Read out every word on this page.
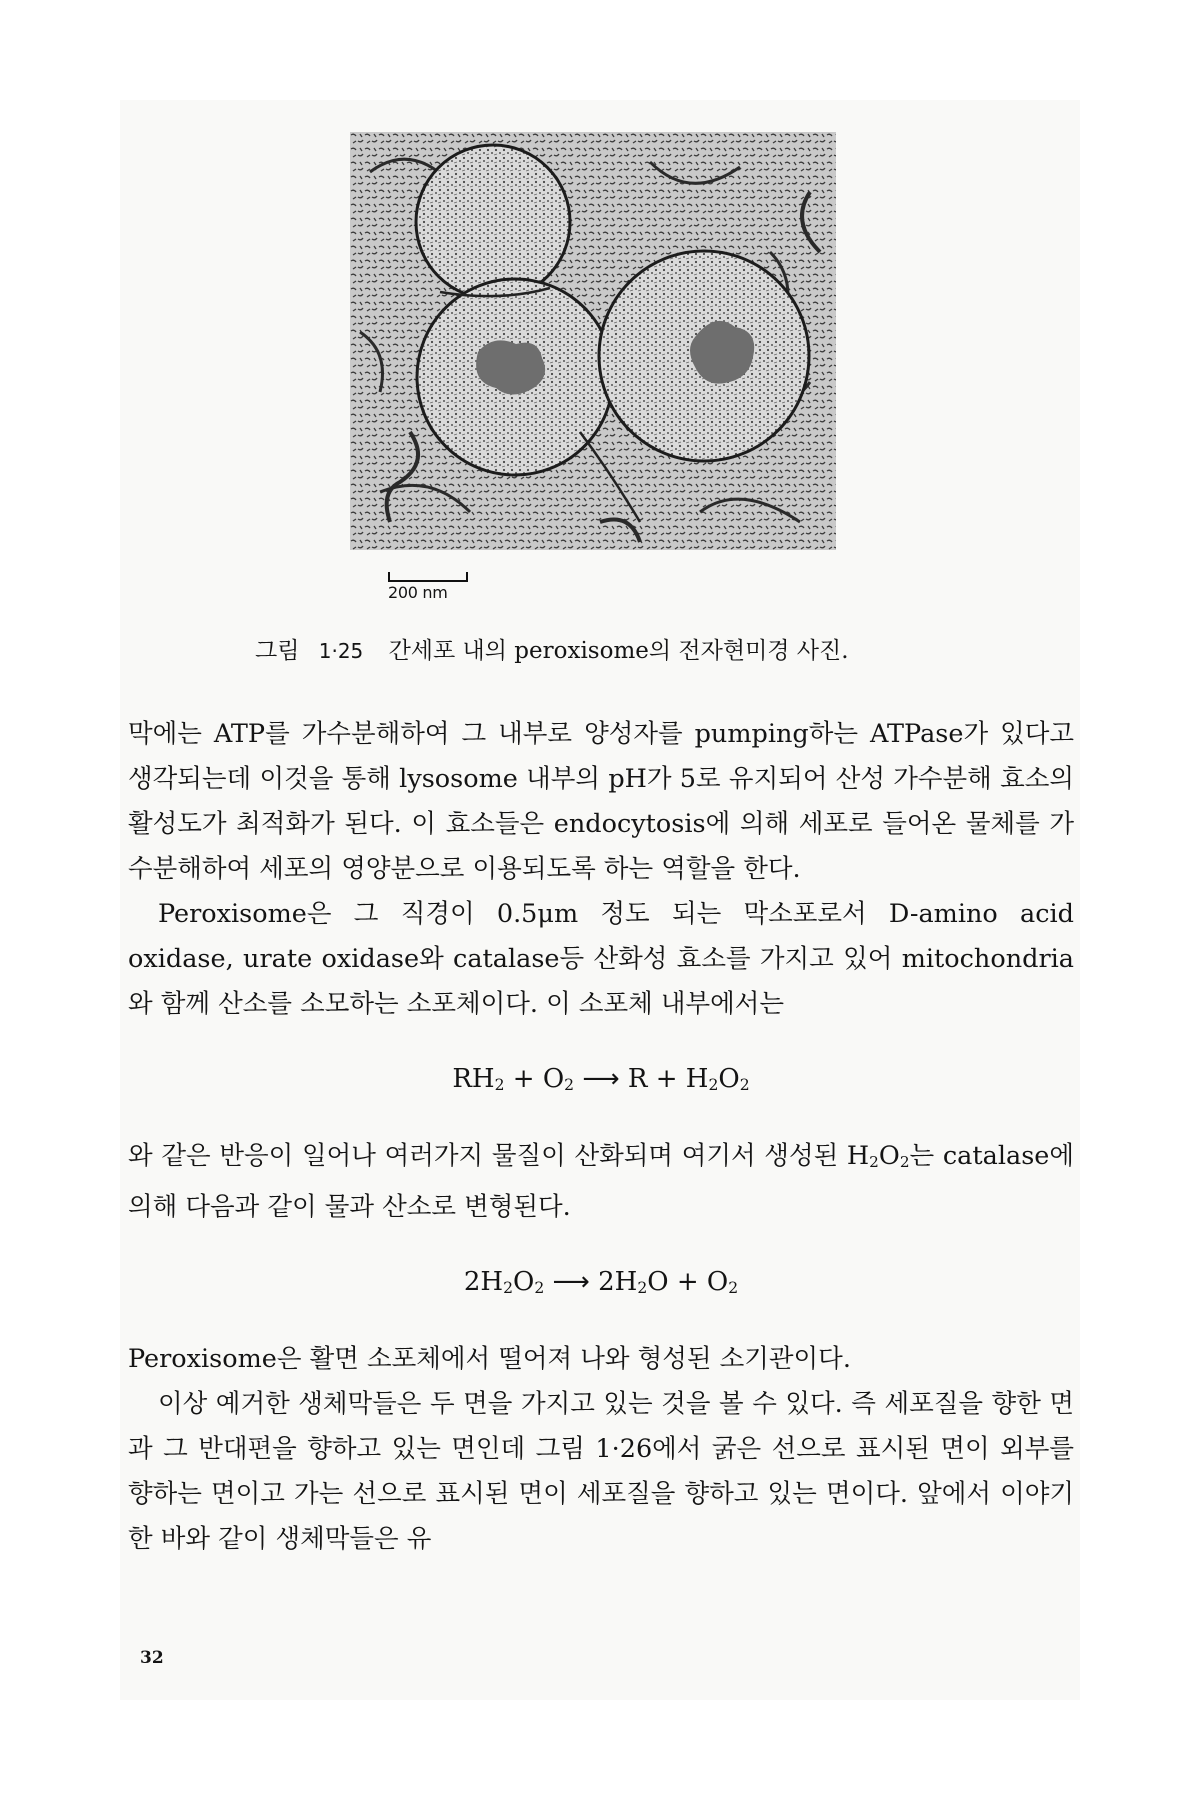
200 nm
그림 1·25 간세포 내의 peroxisome의 전자현미경 사진.

막에는 ATP를 가수분해하여 그 내부로 양성자를 pumping하는 ATPase가 있다고 생각되는데 이것을 통해 lysosome 내부의 pH가 5로 유지되어 산성 가수분해 효소의 활성도가 최적화가 된다. 이 효소들은 endocytosis에 의해 세포로 들어온 물체를 가수분해하여 세포의 영양분으로 이용되도록 하는 역할을 한다.

Peroxisome은 그 직경이 0.5μm 정도 되는 막소포로서 D-amino acid oxidase, urate oxidase와 catalase등 산화성 효소를 가지고 있어 mitochondria와 함께 산소를 소모하는 소포체이다. 이 소포체 내부에서는

$RH_2 + O_2$ ⟶ $R + H_2O_2$

와 같은 반응이 일어나 여러가지 물질이 산화되며 여기서 생성된 $H_2O_2$는 catalase에 의해 다음과 같이 물과 산소로 변형된다.

$2H_2O_2$ ⟶ $2H_2O + O_2$

Peroxisome은 활면 소포체에서 떨어져 나와 형성된 소기관이다.

이상 예거한 생체막들은 두 면을 가지고 있는 것을 볼 수 있다. 즉 세포질을 향한 면과 그 반대편을 향하고 있는 면인데 그림 1·26에서 굵은 선으로 표시된 면이 외부를 향하는 면이고 가는 선으로 표시된 면이 세포질을 향하고 있는 면이다. 앞에서 이야기한 바와 같이 생체막들은 유

32
